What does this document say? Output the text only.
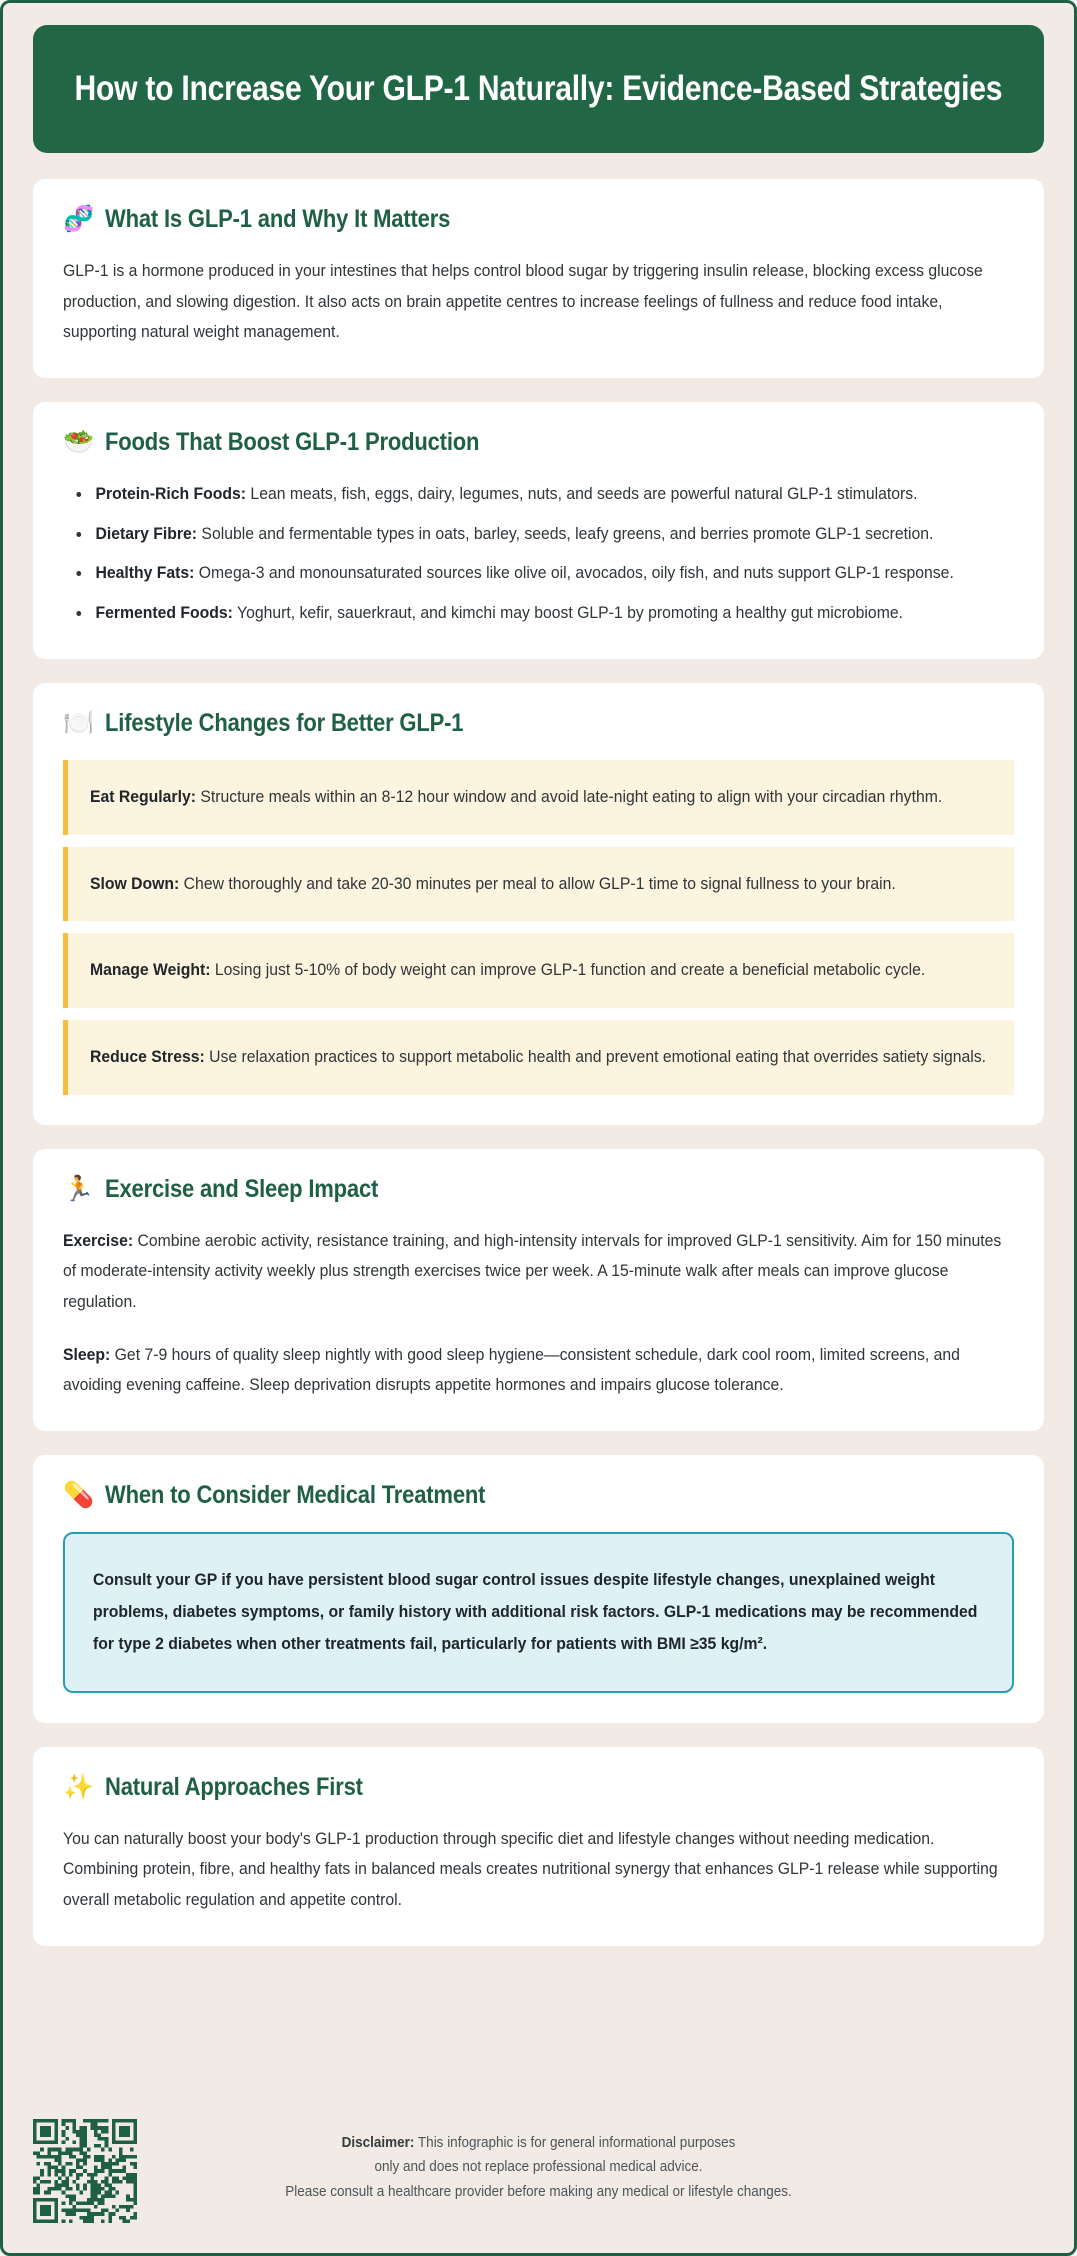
How to Increase Your GLP-1 Naturally: Evidence-Based Strategies
🧬 What Is GLP-1 and Why It Matters

GLP-1 is a hormone produced in your intestines that helps control blood sugar by triggering insulin release, blocking excess glucose production, and slowing digestion. It also acts on brain appetite centres to increase feelings of fullness and reduce food intake, supporting natural weight management.

🥗 Foods That Boost GLP-1 Production
Protein-Rich Foods: Lean meats, fish, eggs, dairy, legumes, nuts, and seeds are powerful natural GLP-1 stimulators.
Dietary Fibre: Soluble and fermentable types in oats, barley, seeds, leafy greens, and berries promote GLP-1 secretion.
Healthy Fats: Omega-3 and monounsaturated sources like olive oil, avocados, oily fish, and nuts support GLP-1 response.
Fermented Foods: Yoghurt, kefir, sauerkraut, and kimchi may boost GLP-1 by promoting a healthy gut microbiome.
🍽️ Lifestyle Changes for Better GLP-1
Eat Regularly: Structure meals within an 8-12 hour window and avoid late-night eating to align with your circadian rhythm.
Slow Down: Chew thoroughly and take 20-30 minutes per meal to allow GLP-1 time to signal fullness to your brain.
Manage Weight: Losing just 5-10% of body weight can improve GLP-1 function and create a beneficial metabolic cycle.
Reduce Stress: Use relaxation practices to support metabolic health and prevent emotional eating that overrides satiety signals.
🏃 Exercise and Sleep Impact

Exercise: Combine aerobic activity, resistance training, and high-intensity intervals for improved GLP-1 sensitivity. Aim for 150 minutes of moderate-intensity activity weekly plus strength exercises twice per week. A 15-minute walk after meals can improve glucose regulation.

Sleep: Get 7-9 hours of quality sleep nightly with good sleep hygiene—consistent schedule, dark cool room, limited screens, and avoiding evening caffeine. Sleep deprivation disrupts appetite hormones and impairs glucose tolerance.

💊 When to Consider Medical Treatment
Consult your GP if you have persistent blood sugar control issues despite lifestyle changes, unexplained weight problems, diabetes symptoms, or family history with additional risk factors. GLP-1 medications may be recommended for type 2 diabetes when other treatments fail, particularly for patients with BMI ≥35 kg/m².
✨ Natural Approaches First

You can naturally boost your body's GLP-1 production through specific diet and lifestyle changes without needing medication. Combining protein, fibre, and healthy fats in balanced meals creates nutritional synergy that enhances GLP-1 release while supporting overall metabolic regulation and appetite control.

Disclaimer: This infographic is for general informational purposes
only and does not replace professional medical advice.
Please consult a healthcare provider before making any medical or lifestyle changes.
